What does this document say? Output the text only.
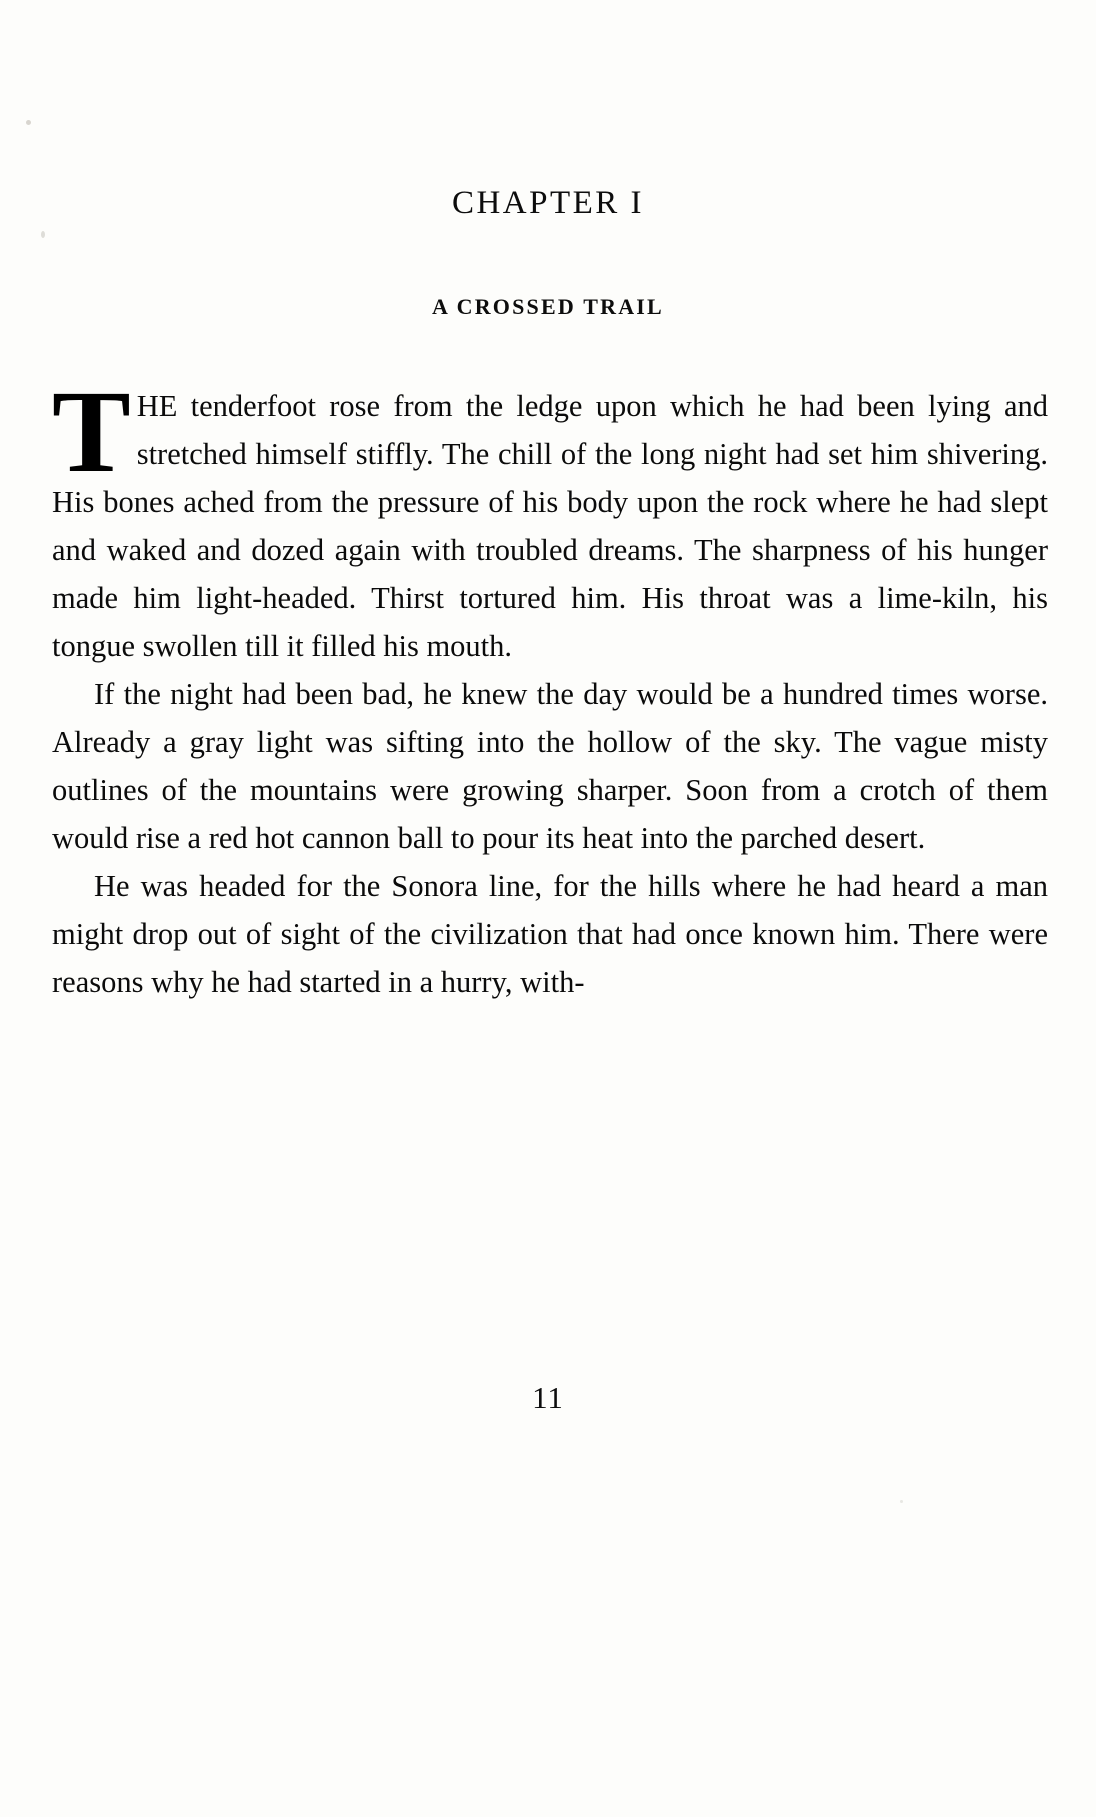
CHAPTER I
A CROSSED TRAIL

THE tenderfoot rose from the ledge upon which he had been lying and stretched himself stiffly. The chill of the long night had set him shivering. His bones ached from the pressure of his body upon the rock where he had slept and waked and dozed again with troubled dreams. The sharpness of his hunger made him light-headed. Thirst tortured him. His throat was a lime-kiln, his tongue swollen till it filled his mouth.

If the night had been bad, he knew the day would be a hundred times worse. Already a gray light was sifting into the hollow of the sky. The vague misty outlines of the mountains were growing sharper. Soon from a crotch of them would rise a red hot cannon ball to pour its heat into the parched desert.

He was headed for the Sonora line, for the hills where he had heard a man might drop out of sight of the civilization that had once known him. There were reasons why he had started in a hurry, with-

11
